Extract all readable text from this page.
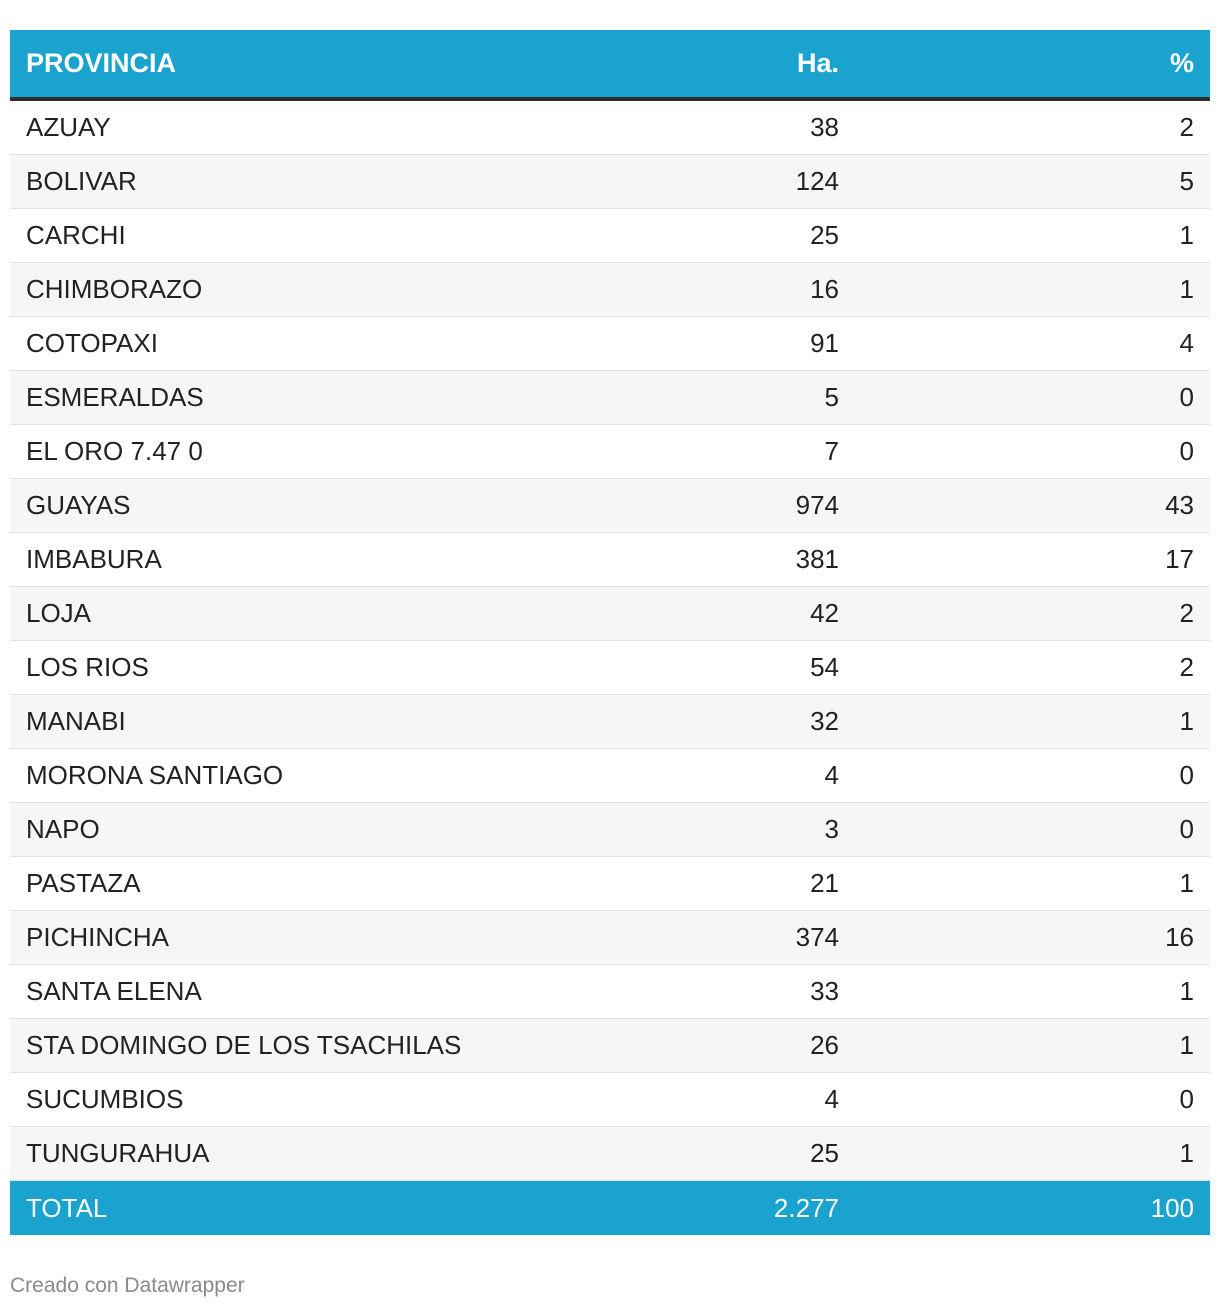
PROVINCIA	Ha.	%
AZUAY	38	2
BOLIVAR	124	5
CARCHI	25	1
CHIMBORAZO	16	1
COTOPAXI	91	4
ESMERALDAS	5	0
EL ORO 7.47 0	7	0
GUAYAS	974	43
IMBABURA	381	17
LOJA	42	2
LOS RIOS	54	2
MANABI	32	1
MORONA SANTIAGO	4	0
NAPO	3	0
PASTAZA	21	1
PICHINCHA	374	16
SANTA ELENA	33	1
STA DOMINGO DE LOS TSACHILAS	26	1
SUCUMBIOS	4	0
TUNGURAHUA	25	1
TOTAL	2.277	100
Creado con Datawrapper
